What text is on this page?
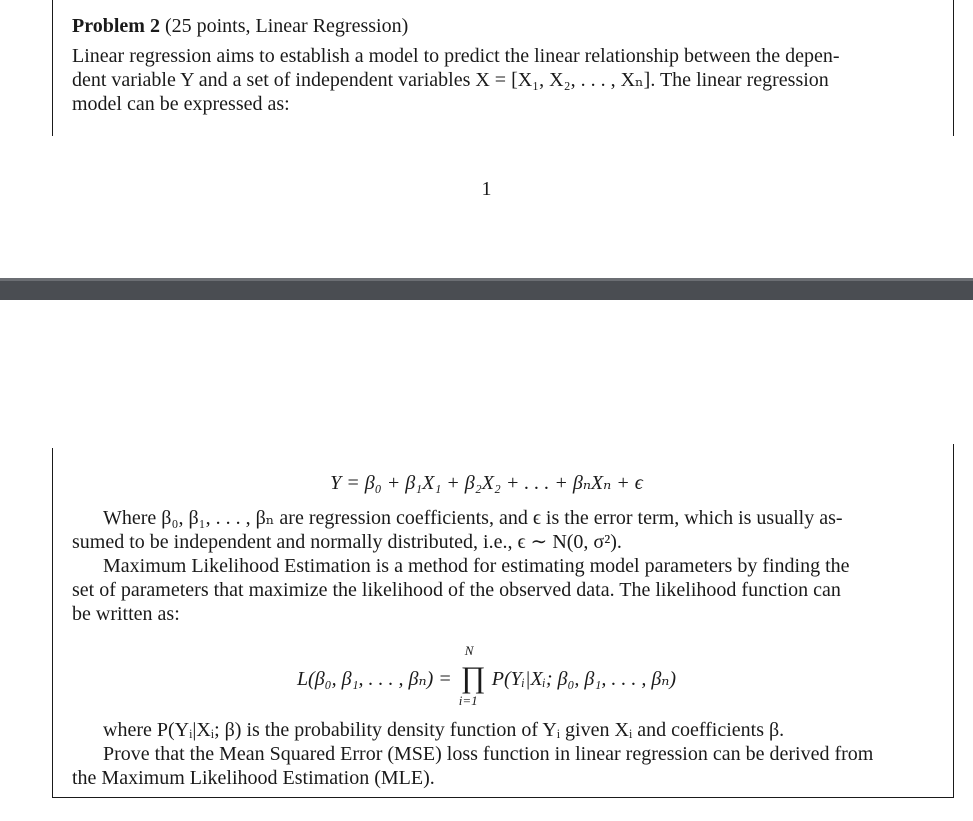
Problem 2 (25 points, Linear Regression)
Linear regression aims to establish a model to predict the linear relationship between the depen-
dent variable Y and a set of independent variables X = [X₁, X₂, . . . , Xₙ]. The linear regression
model can be expressed as:
1
Y = β₀ + β₁X₁ + β₂X₂ + . . . + βₙXₙ + ϵ
Where β₀, β₁, . . . , βₙ are regression coefficients, and ϵ is the error term, which is usually as-
sumed to be independent and normally distributed, i.e., ϵ ∼ N(0, σ²).
Maximum Likelihood Estimation is a method for estimating model parameters by finding the
set of parameters that maximize the likelihood of the observed data. The likelihood function can
be written as:
L(β₀, β₁, . . . , βₙ) =
N
∏
i=1
P(Yᵢ|Xᵢ; β₀, β₁, . . . , βₙ)
where P(Yᵢ|Xᵢ; β) is the probability density function of Yᵢ given Xᵢ and coefficients β.
Prove that the Mean Squared Error (MSE) loss function in linear regression can be derived from
the Maximum Likelihood Estimation (MLE).
